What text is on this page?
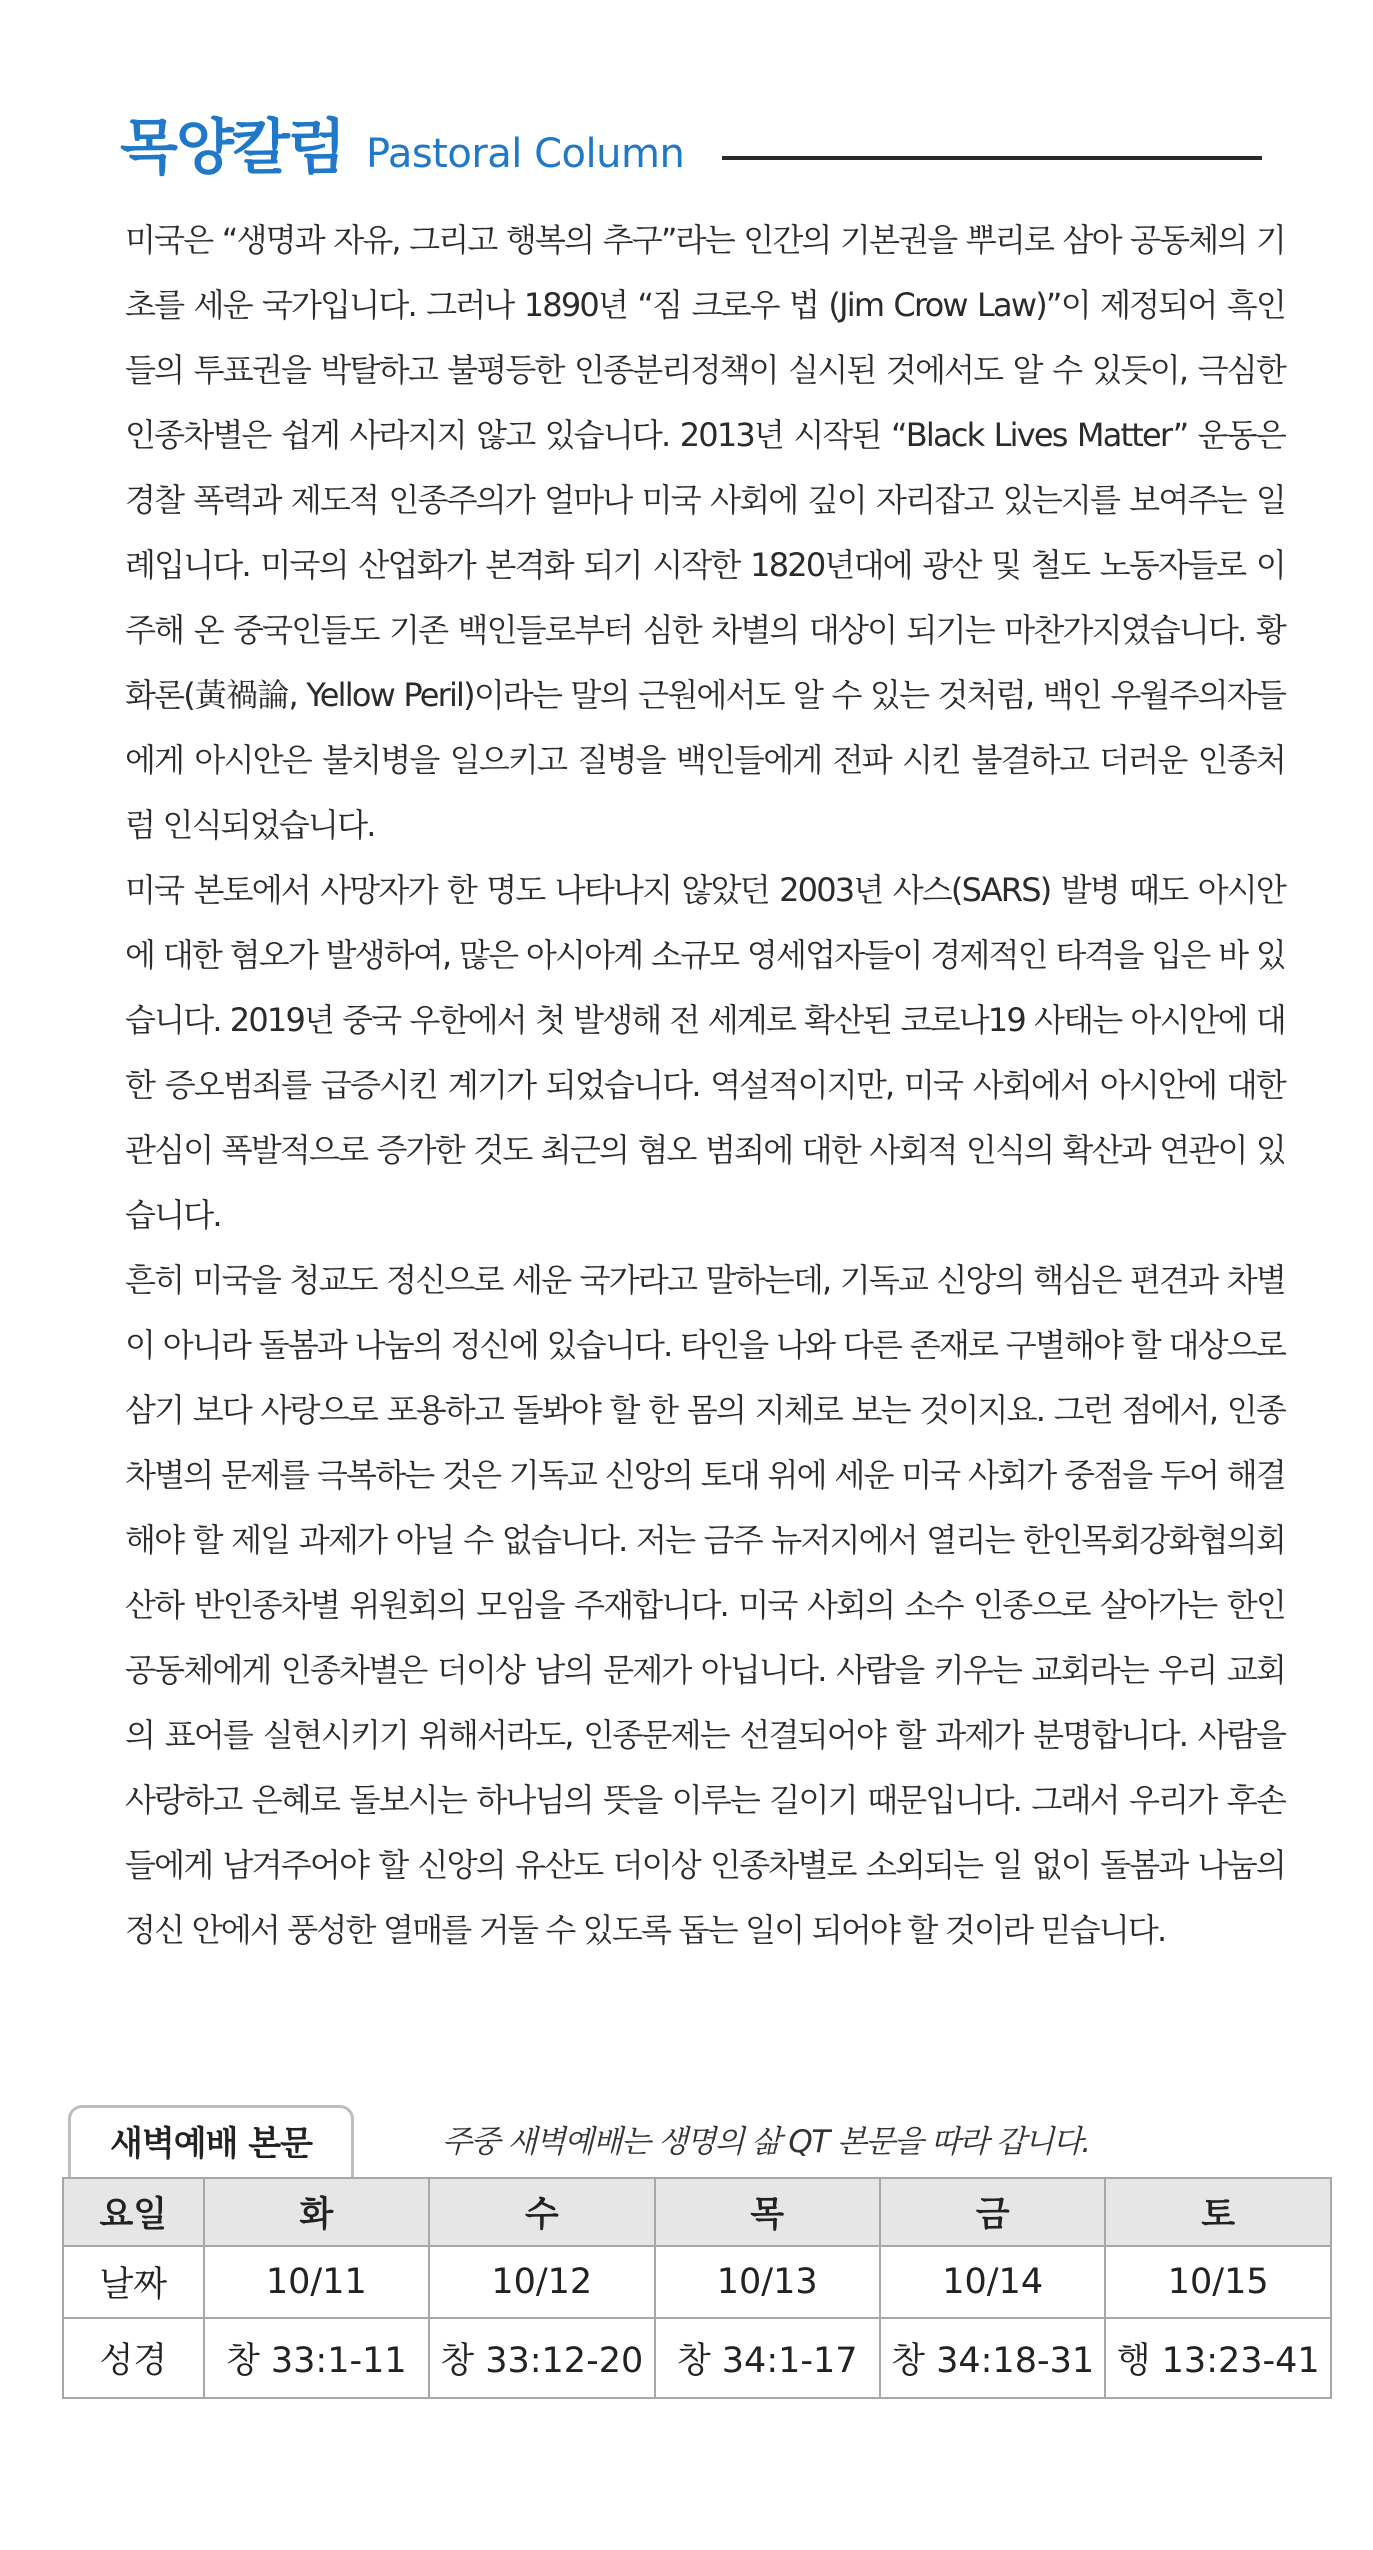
목양칼럼 Pastoral Column

미국은 “생명과 자유, 그리고 행복의 추구”라는 인간의 기본권을 뿌리로 삼아 공동체의 기초를 세운 국가입니다. 그러나 1890년 “짐 크로우 법 (Jim Crow Law)”이 제정되어 흑인들의 투표권을 박탈하고 불평등한 인종분리정책이 실시된 것에서도 알 수 있듯이, 극심한 인종차별은 쉽게 사라지지 않고 있습니다. 2013년 시작된 “Black Lives Matter” 운동은 경찰 폭력과 제도적 인종주의가 얼마나 미국 사회에 깊이 자리잡고 있는지를 보여주는 일례입니다. 미국의 산업화가 본격화 되기 시작한 1820년대에 광산 및 철도 노동자들로 이주해 온 중국인들도 기존 백인들로부터 심한 차별의 대상이 되기는 마찬가지였습니다. 황화론(黃禍論, Yellow Peril)이라는 말의 근원에서도 알 수 있는 것처럼, 백인 우월주의자들에게 아시안은 불치병을 일으키고 질병을 백인들에게 전파 시킨 불결하고 더러운 인종처럼 인식되었습니다.

미국 본토에서 사망자가 한 명도 나타나지 않았던 2003년 사스(SARS) 발병 때도 아시안에 대한 혐오가 발생하여, 많은 아시아계 소규모 영세업자들이 경제적인 타격을 입은 바 있습니다. 2019년 중국 우한에서 첫 발생해 전 세계로 확산된 코로나19 사태는 아시안에 대한 증오범죄를 급증시킨 계기가 되었습니다. 역설적이지만, 미국 사회에서 아시안에 대한 관심이 폭발적으로 증가한 것도 최근의 혐오 범죄에 대한 사회적 인식의 확산과 연관이 있습니다.

흔히 미국을 청교도 정신으로 세운 국가라고 말하는데, 기독교 신앙의 핵심은 편견과 차별이 아니라 돌봄과 나눔의 정신에 있습니다. 타인을 나와 다른 존재로 구별해야 할 대상으로 삼기 보다 사랑으로 포용하고 돌봐야 할 한 몸의 지체로 보는 것이지요. 그런 점에서, 인종차별의 문제를 극복하는 것은 기독교 신앙의 토대 위에 세운 미국 사회가 중점을 두어 해결해야 할 제일 과제가 아닐 수 없습니다. 저는 금주 뉴저지에서 열리는 한인목회강화협의회 산하 반인종차별 위원회의 모임을 주재합니다. 미국 사회의 소수 인종으로 살아가는 한인 공동체에게 인종차별은 더이상 남의 문제가 아닙니다. 사람을 키우는 교회라는 우리 교회의 표어를 실현시키기 위해서라도, 인종문제는 선결되어야 할 과제가 분명합니다. 사람을 사랑하고 은혜로 돌보시는 하나님의 뜻을 이루는 길이기 때문입니다. 그래서 우리가 후손들에게 남겨주어야 할 신앙의 유산도 더이상 인종차별로 소외되는 일 없이 돌봄과 나눔의 정신 안에서 풍성한 열매를 거둘 수 있도록 돕는 일이 되어야 할 것이라 믿습니다.

새벽예배 본문	주중 새벽예배는 생명의 삶 QT 본문을 따라 갑니다.
요일	화	수	목	금	토
날짜	10/11	10/12	10/13	10/14	10/15
성경	창 33:1-11	창 33:12-20	창 34:1-17	창 34:18-31	행 13:23-41
